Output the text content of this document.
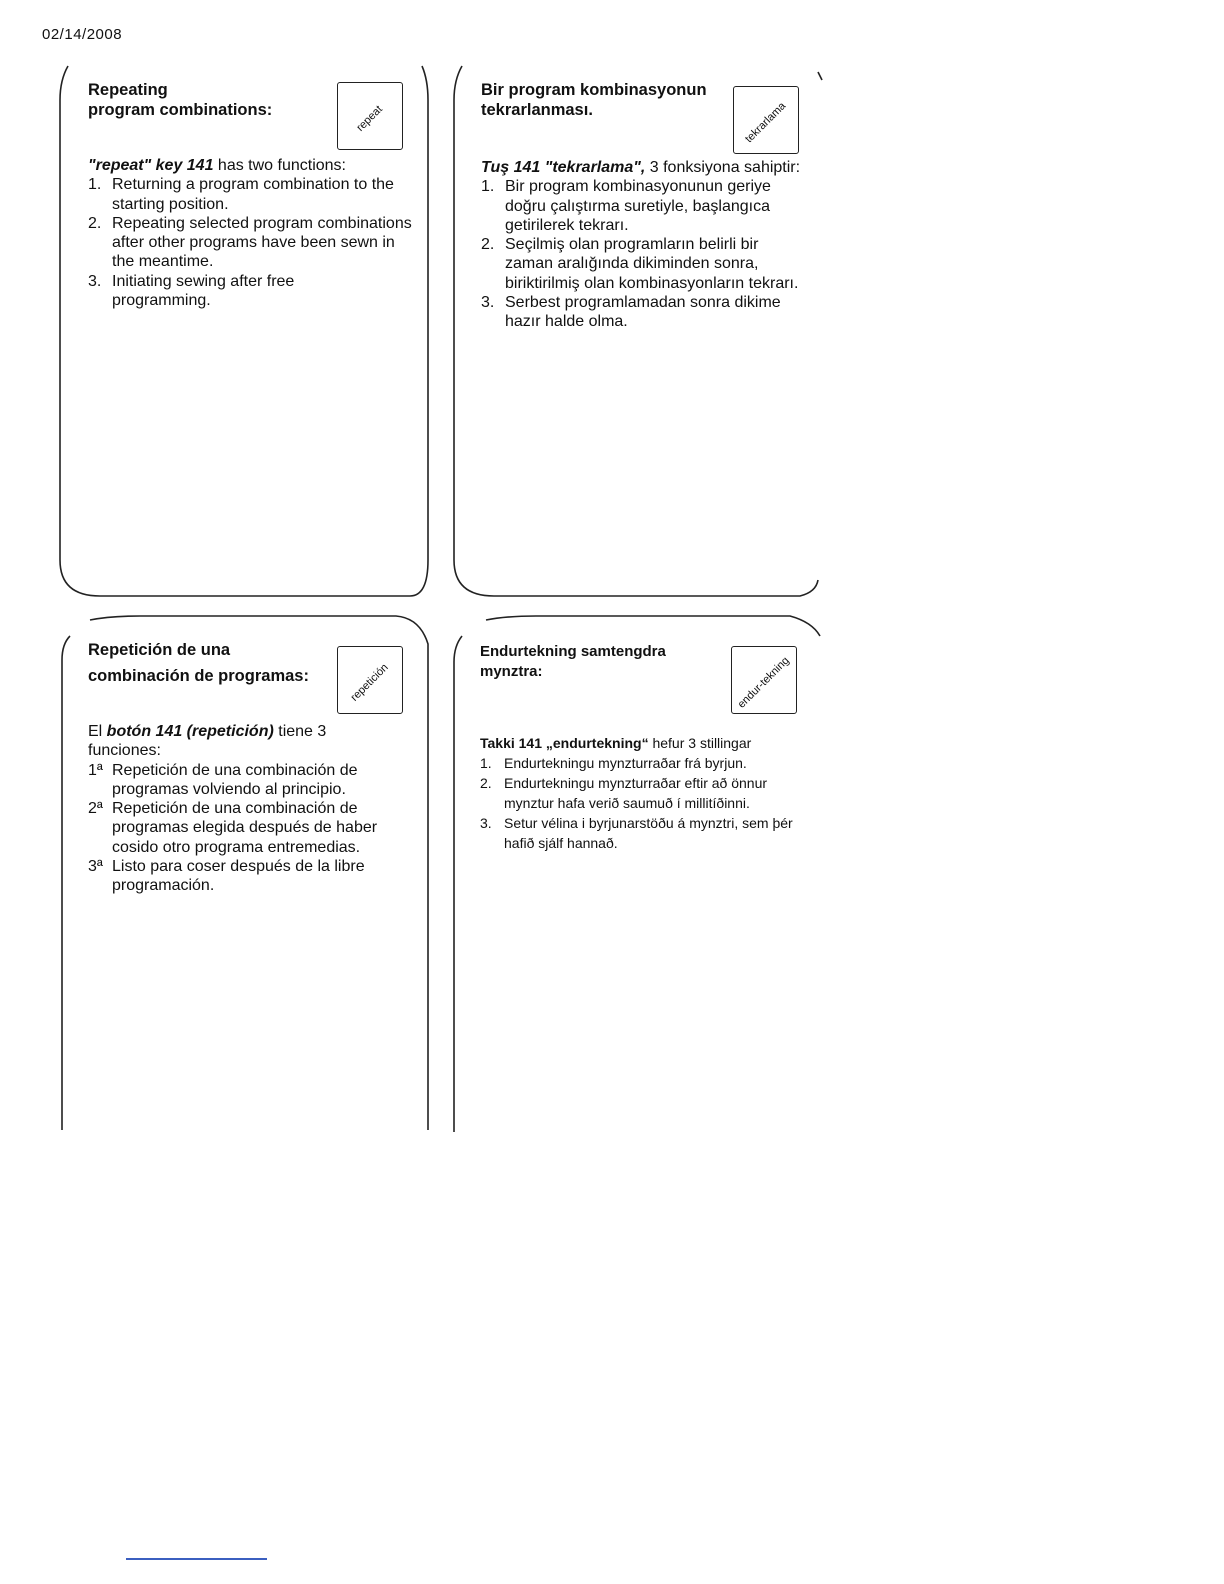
02/14/2008
Repeating
program combinations:

"repeat" key 141 has two functions:

1. Returning a program combination to the starting position.
2. Repeating selected program combinations after other programs have been sewn in the meantime.
3. Initiating sewing after free programming.
repeat
Bir program kombinasyonun
tekrarlanması.

Tuş 141 "tekrarlama", 3 fonksiyona sahiptir:

1. Bir program kombinasyonunun geriye doğru çalıştırma suretiyle, başlangıca getirilerek tekrarı.
2. Seçilmiş olan programların belirli bir zaman aralığında dikiminden sonra, biriktirilmiş olan kombinasyonların tekrarı.
3. Serbest programlamadan sonra dikime hazır halde olma.
tekrarlama
Repetición de una
combinación de programas:

El botón 141 (repetición) tiene 3 funciones:

1ª Repetición de una combinación de programas volviendo al principio.
2ª Repetición de una combinación de programas elegida después de haber cosido otro programa entremedias.
3ª Listo para coser después de la libre programación.
repetición
Endurtekning samtengdra
mynztra:

Takki 141 „endurtekning“ hefur 3 stillingar

1. Endurtekningu mynzturraðar frá byrjun.
2. Endurtekningu mynzturraðar eftir að önnur mynztur hafa verið saumuð í millitíðinni.
3. Setur vélina i byrjunarstöðu á mynztri, sem þér hafið sjálf hannað.
endur-tekning
